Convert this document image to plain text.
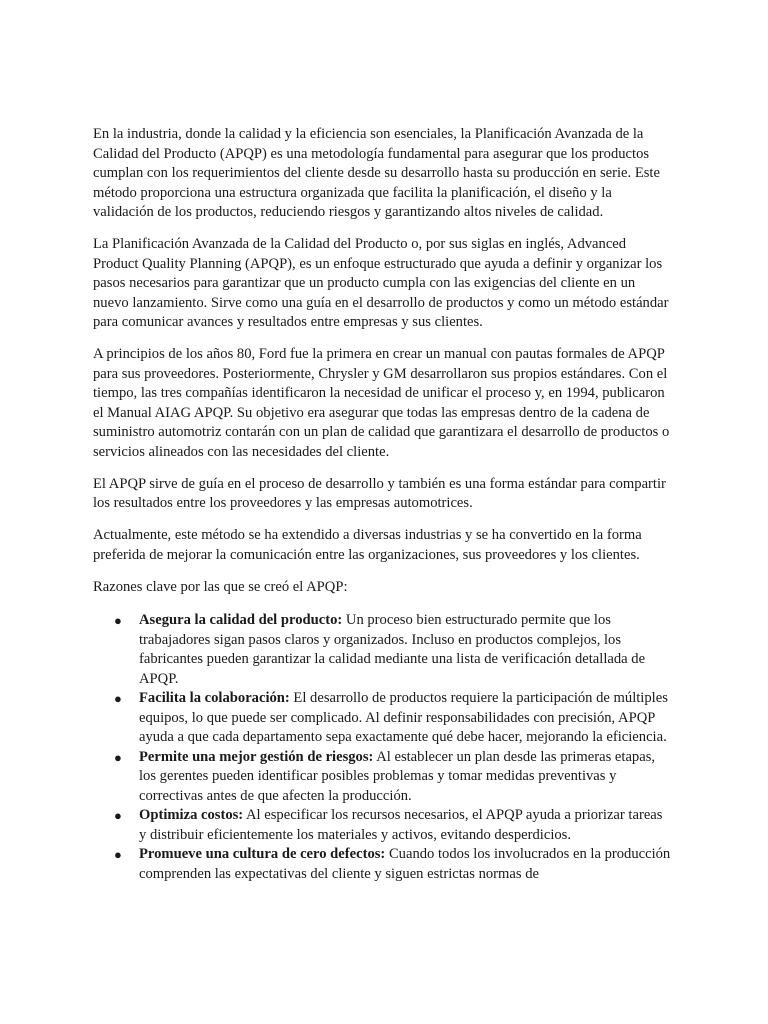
En la industria, donde la calidad y la eficiencia son esenciales, la Planificación Avanzada de la Calidad del Producto (APQP) es una metodología fundamental para asegurar que los productos cumplan con los requerimientos del cliente desde su desarrollo hasta su producción en serie. Este método proporciona una estructura organizada que facilita la planificación, el diseño y la validación de los productos, reduciendo riesgos y garantizando altos niveles de calidad.

La Planificación Avanzada de la Calidad del Producto o, por sus siglas en inglés, Advanced Product Quality Planning (APQP), es un enfoque estructurado que ayuda a definir y organizar los pasos necesarios para garantizar que un producto cumpla con las exigencias del cliente en un nuevo lanzamiento. Sirve como una guía en el desarrollo de productos y como un método estándar para comunicar avances y resultados entre empresas y sus clientes.

A principios de los años 80, Ford fue la primera en crear un manual con pautas formales de APQP para sus proveedores. Posteriormente, Chrysler y GM desarrollaron sus propios estándares. Con el tiempo, las tres compañías identificaron la necesidad de unificar el proceso y, en 1994, publicaron el Manual AIAG APQP. Su objetivo era asegurar que todas las empresas dentro de la cadena de suministro automotriz contarán con un plan de calidad que garantizara el desarrollo de productos o servicios alineados con las necesidades del cliente.

El APQP sirve de guía en el proceso de desarrollo y también es una forma estándar para compartir los resultados entre los proveedores y las empresas automotrices.

Actualmente, este método se ha extendido a diversas industrias y se ha convertido en la forma preferida de mejorar la comunicación entre las organizaciones, sus proveedores y los clientes.

Razones clave por las que se creó el APQP:

● Asegura la calidad del producto: Un proceso bien estructurado permite que los trabajadores sigan pasos claros y organizados. Incluso en productos complejos, los fabricantes pueden garantizar la calidad mediante una lista de verificación detallada de APQP.
● Facilita la colaboración: El desarrollo de productos requiere la participación de múltiples equipos, lo que puede ser complicado. Al definir responsabilidades con precisión, APQP ayuda a que cada departamento sepa exactamente qué debe hacer, mejorando la eficiencia.
● Permite una mejor gestión de riesgos: Al establecer un plan desde las primeras etapas, los gerentes pueden identificar posibles problemas y tomar medidas preventivas y correctivas antes de que afecten la producción.
● Optimiza costos: Al especificar los recursos necesarios, el APQP ayuda a priorizar tareas y distribuir eficientemente los materiales y activos, evitando desperdicios.
● Promueve una cultura de cero defectos: Cuando todos los involucrados en la producción comprenden las expectativas del cliente y siguen estrictas normas de
